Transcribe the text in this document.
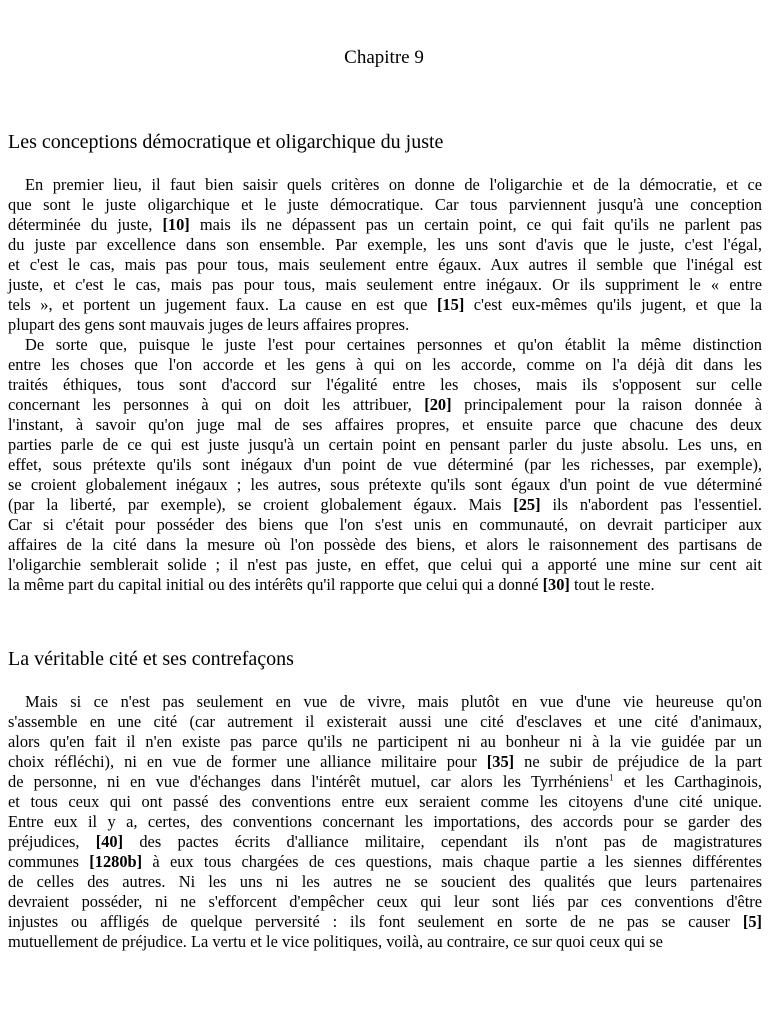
Chapitre 9
Les conceptions démocratique et oligarchique du juste
En premier lieu, il faut bien saisir quels critères on donne de l'oligarchie et de la démocratie, et ce
que sont le juste oligarchique et le juste démocratique. Car tous parviennent jusqu'à une conception
déterminée du juste, [10] mais ils ne dépassent pas un certain point, ce qui fait qu'ils ne parlent pas
du juste par excellence dans son ensemble. Par exemple, les uns sont d'avis que le juste, c'est l'égal,
et c'est le cas, mais pas pour tous, mais seulement entre égaux. Aux autres il semble que l'inégal est
juste, et c'est le cas, mais pas pour tous, mais seulement entre inégaux. Or ils suppriment le « entre
tels », et portent un jugement faux. La cause en est que [15] c'est eux-mêmes qu'ils jugent, et que la
plupart des gens sont mauvais juges de leurs affaires propres.
De sorte que, puisque le juste l'est pour certaines personnes et qu'on établit la même distinction
entre les choses que l'on accorde et les gens à qui on les accorde, comme on l'a déjà dit dans les
traités éthiques, tous sont d'accord sur l'égalité entre les choses, mais ils s'opposent sur celle
concernant les personnes à qui on doit les attribuer, [20] principalement pour la raison donnée à
l'instant, à savoir qu'on juge mal de ses affaires propres, et ensuite parce que chacune des deux
parties parle de ce qui est juste jusqu'à un certain point en pensant parler du juste absolu. Les uns, en
effet, sous prétexte qu'ils sont inégaux d'un point de vue déterminé (par les richesses, par exemple),
se croient globalement inégaux ; les autres, sous prétexte qu'ils sont égaux d'un point de vue déterminé
(par la liberté, par exemple), se croient globalement égaux. Mais [25] ils n'abordent pas l'essentiel.
Car si c'était pour posséder des biens que l'on s'est unis en communauté, on devrait participer aux
affaires de la cité dans la mesure où l'on possède des biens, et alors le raisonnement des partisans de
l'oligarchie semblerait solide ; il n'est pas juste, en effet, que celui qui a apporté une mine sur cent ait
la même part du capital initial ou des intérêts qu'il rapporte que celui qui a donné [30] tout le reste.
La véritable cité et ses contrefaçons
Mais si ce n'est pas seulement en vue de vivre, mais plutôt en vue d'une vie heureuse qu'on
s'assemble en une cité (car autrement il existerait aussi une cité d'esclaves et une cité d'animaux,
alors qu'en fait il n'en existe pas parce qu'ils ne participent ni au bonheur ni à la vie guidée par un
choix réfléchi), ni en vue de former une alliance militaire pour [35] ne subir de préjudice de la part
de personne, ni en vue d'échanges dans l'intérêt mutuel, car alors les Tyrrhéniens$^1$ et les Carthaginois,
et tous ceux qui ont passé des conventions entre eux seraient comme les citoyens d'une cité unique.
Entre eux il y a, certes, des conventions concernant les importations, des accords pour se garder des
préjudices, [40] des pactes écrits d'alliance militaire, cependant ils n'ont pas de magistratures
communes [1280b] à eux tous chargées de ces questions, mais chaque partie a les siennes différentes
de celles des autres. Ni les uns ni les autres ne se soucient des qualités que leurs partenaires
devraient posséder, ni ne s'efforcent d'empêcher ceux qui leur sont liés par ces conventions d'être
injustes ou affligés de quelque perversité : ils font seulement en sorte de ne pas se causer [5]
mutuellement de préjudice. La vertu et le vice politiques, voilà, au contraire, ce sur quoi ceux qui se
